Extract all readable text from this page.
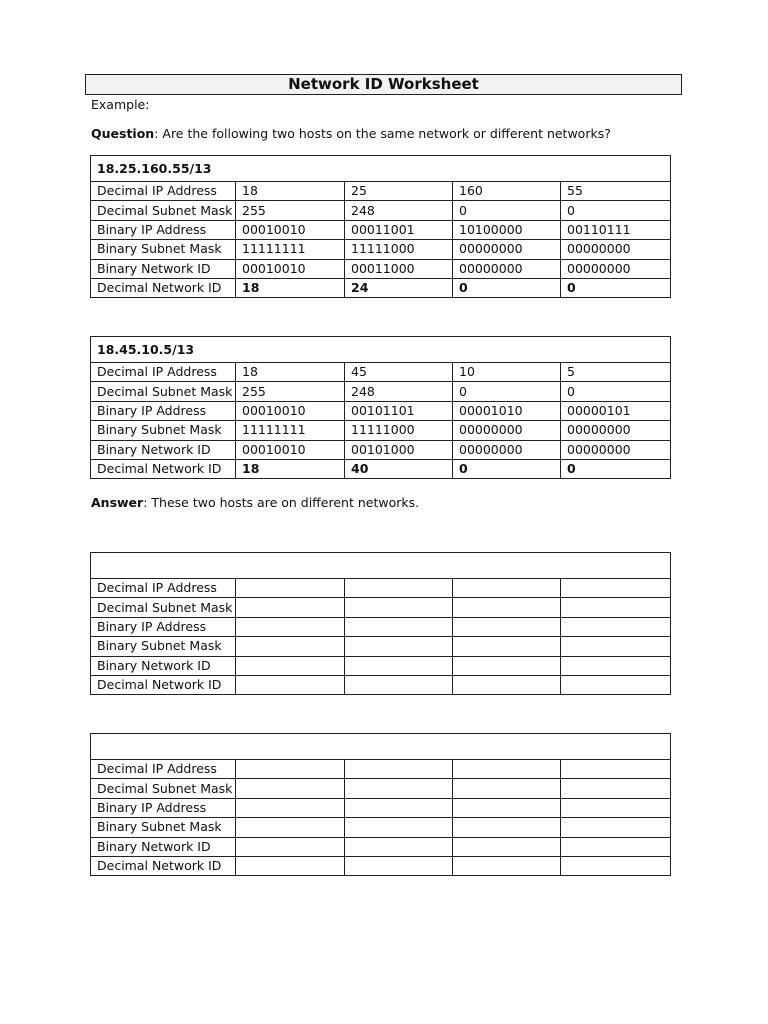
Network ID Worksheet
Example:
Question: Are the following two hosts on the same network or different networks?
18.25.160.55/13				
Decimal IP Address	18	25	160	55
Decimal Subnet Mask	255	248	0	0
Binary IP Address	00010010	00011001	10100000	00110111
Binary Subnet Mask	11111111	11111000	00000000	00000000
Binary Network ID	00010010	00011000	00000000	00000000
Decimal Network ID	18	24	0	0
18.45.10.5/13				
Decimal IP Address	18	45	10	5
Decimal Subnet Mask	255	248	0	0
Binary IP Address	00010010	00101101	00001010	00000101
Binary Subnet Mask	11111111	11111000	00000000	00000000
Binary Network ID	00010010	00101000	00000000	00000000
Decimal Network ID	18	40	0	0
Answer: These two hosts are on different networks.

Decimal IP Address				
Decimal Subnet Mask				
Binary IP Address				
Binary Subnet Mask				
Binary Network ID				
Decimal Network ID				

Decimal IP Address				
Decimal Subnet Mask				
Binary IP Address				
Binary Subnet Mask				
Binary Network ID				
Decimal Network ID				
